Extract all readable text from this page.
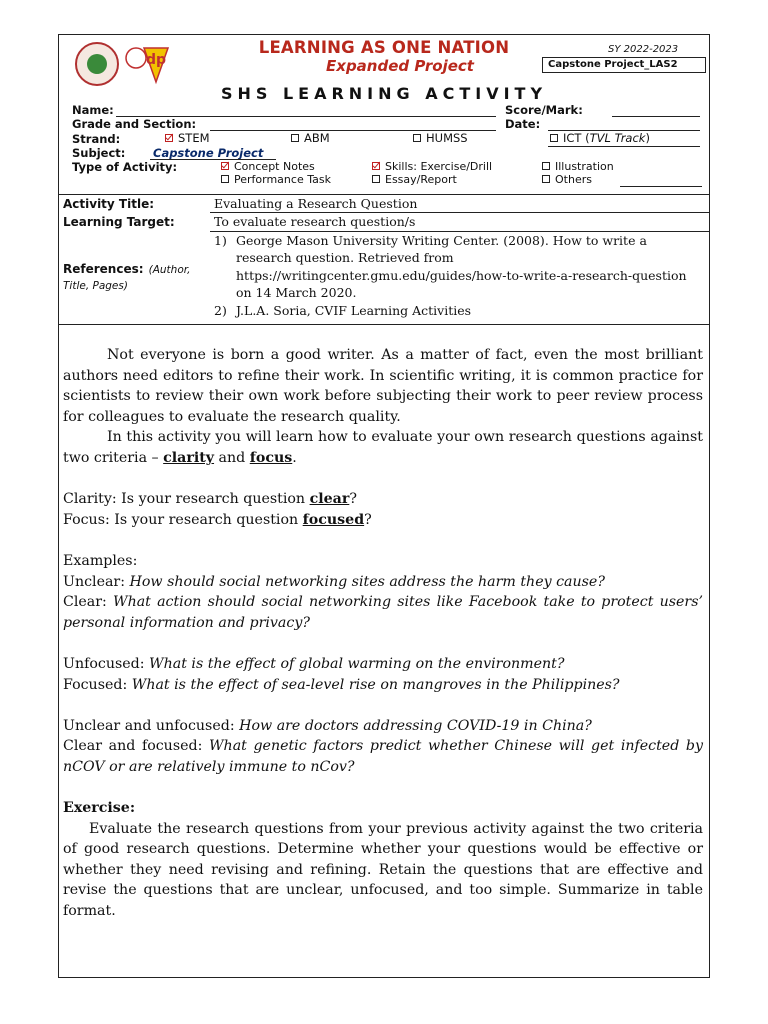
dp
LEARNING AS ONE NATION
Expanded Project
SY 2022-2023
Capstone Project_LAS2
SHS LEARNING ACTIVITY
Name:	Score/Mark:
Grade and Section:	Date:
Strand:	STEM	ABM	HUMSS	ICT (TVL Track)
Subject: Capstone Project
Type of Activity:	Concept Notes	Skills: Exercise/Drill	Illustration
Performance Task	Essay/Report	Others
Activity Title:	Evaluating a Research Question
Learning Target:	To evaluate research question/s
References: (Author, Title, Pages)
1) George Mason University Writing Center. (2008). How to write a research question. Retrieved from https://writingcenter.gmu.edu/guides/how-to-write-a-research-question on 14 March 2020.
2) J.L.A. Soria, CVIF Learning Activities

Not everyone is born a good writer. As a matter of fact, even the most brilliant authors need editors to refine their work. In scientific writing, it is common practice for scientists to review their own work before subjecting their work to peer review process for colleagues to evaluate the research quality.

In this activity you will learn how to evaluate your own research questions against two criteria – clarity and focus.

Clarity: Is your research question clear?

Focus: Is your research question focused?

Examples:

Unclear: How should social networking sites address the harm they cause?

Clear: What action should social networking sites like Facebook take to protect users’ personal information and privacy?

Unfocused: What is the effect of global warming on the environment?

Focused: What is the effect of sea-level rise on mangroves in the Philippines?

Unclear and unfocused: How are doctors addressing COVID-19 in China?

Clear and focused: What genetic factors predict whether Chinese will get infected by nCOV or are relatively immune to nCov?

Exercise:

Evaluate the research questions from your previous activity against the two criteria of good research questions. Determine whether your questions would be effective or whether they need revising and refining. Retain the questions that are effective and revise the questions that are unclear, unfocused, and too simple. Summarize in table format.
